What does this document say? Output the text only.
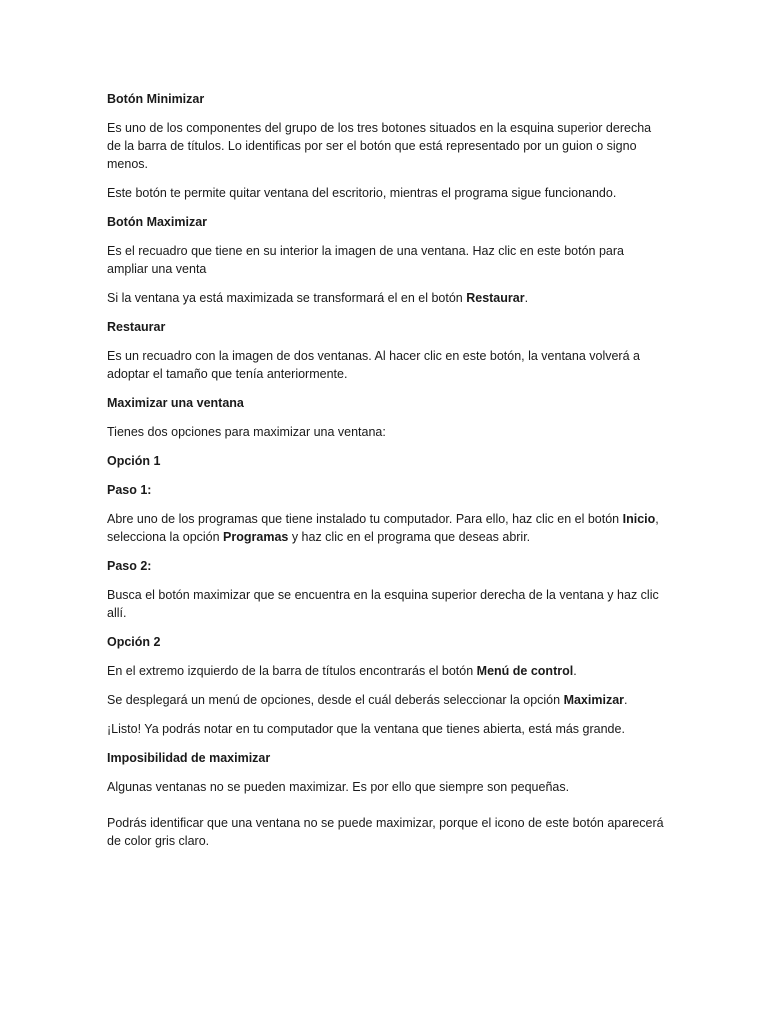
Botón Minimizar

Es uno de los componentes del grupo de los tres botones situados en la esquina superior derecha de la barra de títulos. Lo identificas por ser el botón que está representado por un guion o signo menos.

Este botón te permite quitar ventana del escritorio, mientras el programa sigue funcionando.

Botón Maximizar

Es el recuadro que tiene en su interior la imagen de una ventana. Haz clic en este botón para ampliar una venta

Si la ventana ya está maximizada se transformará el en el botón Restaurar.

Restaurar

Es un recuadro con la imagen de dos ventanas. Al hacer clic en este botón, la ventana volverá a adoptar el tamaño que tenía anteriormente.

Maximizar una ventana

Tienes dos opciones para maximizar una ventana:

Opción 1
Paso 1:

Abre uno de los programas que tiene instalado tu computador. Para ello, haz clic en el botón Inicio, selecciona la opción Programas y haz clic en el programa que deseas abrir.

Paso 2:

Busca el botón maximizar que se encuentra en la esquina superior derecha de la ventana y haz clic allí.

Opción 2

En el extremo izquierdo de la barra de títulos encontrarás el botón Menú de control.

Se desplegará un menú de opciones, desde el cuál deberás seleccionar la opción Maximizar.

¡Listo! Ya podrás notar en tu computador que la ventana que tienes abierta, está más grande.

Imposibilidad de maximizar

Algunas ventanas no se pueden maximizar. Es por ello que siempre son pequeñas.

Podrás identificar que una ventana no se puede maximizar, porque el icono de este botón aparecerá de color gris claro.
